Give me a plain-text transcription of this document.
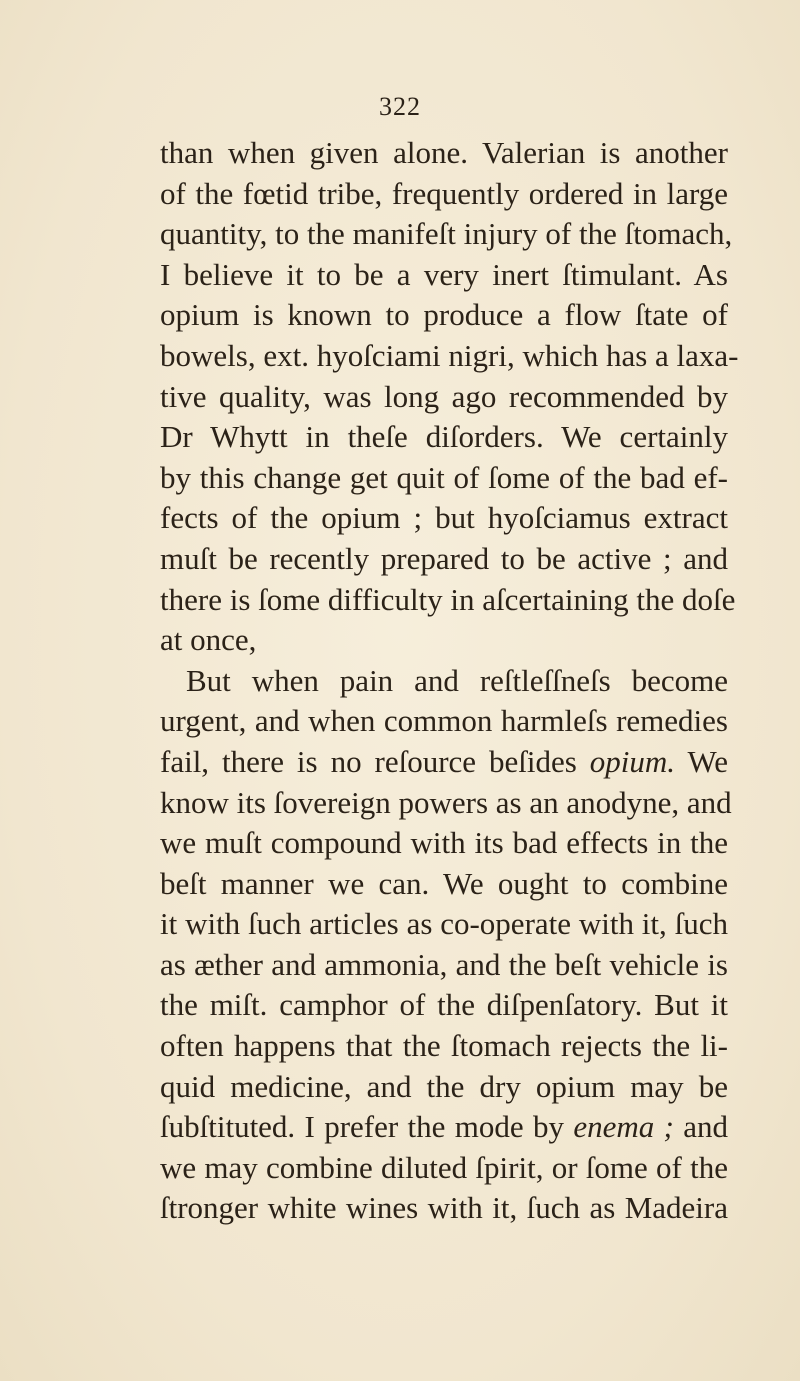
322
than when given alone. Valerian is another
of the fœtid tribe, frequently ordered in large
quantity, to the manifeſt injury of the ſtomach,
I believe it to be a very inert ſtimulant. As
opium is known to produce a flow ſtate of
bowels, ext. hyoſciami nigri, which has a laxa-
tive quality, was long ago recommended by
Dr Whytt in theſe diſorders. We certainly
by this change get quit of ſome of the bad ef-
fects of the opium ; but hyoſciamus extract
muſt be recently prepared to be active ; and
there is ſome difficulty in aſcertaining the doſe
at once,
But when pain and reſtleſſneſs become
urgent, and when common harmleſs remedies
fail, there is no reſource beſides opium. We
know its ſovereign powers as an anodyne, and
we muſt compound with its bad effects in the
beſt manner we can. We ought to combine
it with ſuch articles as co-operate with it, ſuch
as æther and ammonia, and the beſt vehicle is
the miſt. camphor of the diſpenſatory. But it
often happens that the ſtomach rejects the li-
quid medicine, and the dry opium may be
ſubſtituted. I prefer the mode by enema ; and
we may combine diluted ſpirit, or ſome of the
ſtronger white wines with it, ſuch as Madeira
